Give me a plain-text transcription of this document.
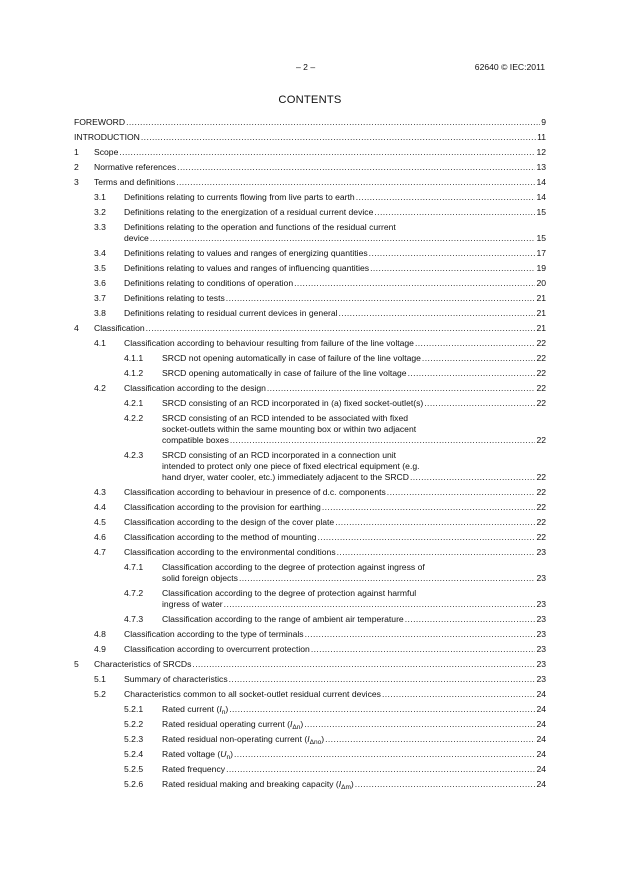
– 2 –	62640 © IEC:2011
CONTENTS
FOREWORD .....	9
INTRODUCTION .....	11
1 Scope .....	12
2 Normative references .....	13
3 Terms and definitions .....	14
3.1 Definitions relating to currents flowing from live parts to earth .....	14
3.2 Definitions relating to the energization of a residual current device .....	15
3.3 Definitions relating to the operation and functions of the residual current
device .....	15
3.4 Definitions relating to values and ranges of energizing quantities .....	17
3.5 Definitions relating to values and ranges of influencing quantities .....	19
3.6 Definitions relating to conditions of operation .....	20
3.7 Definitions relating to tests .....	21
3.8 Definitions relating to residual current devices in general .....	21
4 Classification .....	21
4.1 Classification according to behaviour resulting from failure of the line voltage .....	22
4.1.1 SRCD not opening automatically in case of failure of the line voltage .....	22
4.1.2 SRCD opening automatically in case of failure of the line voltage .....	22
4.2 Classification according to the design .....	22
4.2.1 SRCD consisting of an RCD incorporated in (a) fixed socket-outlet(s) .....	22
4.2.2 SRCD consisting of an RCD intended to be associated with fixed
socket-outlets within the same mounting box or within two adjacent
compatible boxes .....	22
4.2.3 SRCD consisting of an RCD incorporated in a connection unit
intended to protect only one piece of fixed electrical equipment (e.g.
hand dryer, water cooler, etc.) immediately adjacent to the SRCD .....	22
4.3 Classification according to behaviour in presence of d.c. components .....	22
4.4 Classification according to the provision for earthing .....	22
4.5 Classification according to the design of the cover plate .....	22
4.6 Classification according to the method of mounting .....	22
4.7 Classification according to the environmental conditions .....	23
4.7.1 Classification according to the degree of protection against ingress of
solid foreign objects .....	23
4.7.2 Classification according to the degree of protection against harmful
ingress of water .....	23
4.7.3 Classification according to the range of ambient air temperature .....	23
4.8 Classification according to the type of terminals .....	23
4.9 Classification according to overcurrent protection .....	23
5 Characteristics of SRCDs .....	23
5.1 Summary of characteristics .....	23
5.2 Characteristics common to all socket-outlet residual current devices .....	24
5.2.1 Rated current $(I_n)$ .....	24
5.2.2 Rated residual operating current $(I_{\Delta n})$ .....	24
5.2.3 Rated residual non-operating current $(I_{\Delta no})$ .....	24
5.2.4 Rated voltage $(U_n)$ .....	24
5.2.5 Rated frequency .....	24
5.2.6 Rated residual making and breaking capacity $(I_{\Delta m})$ .....	24
